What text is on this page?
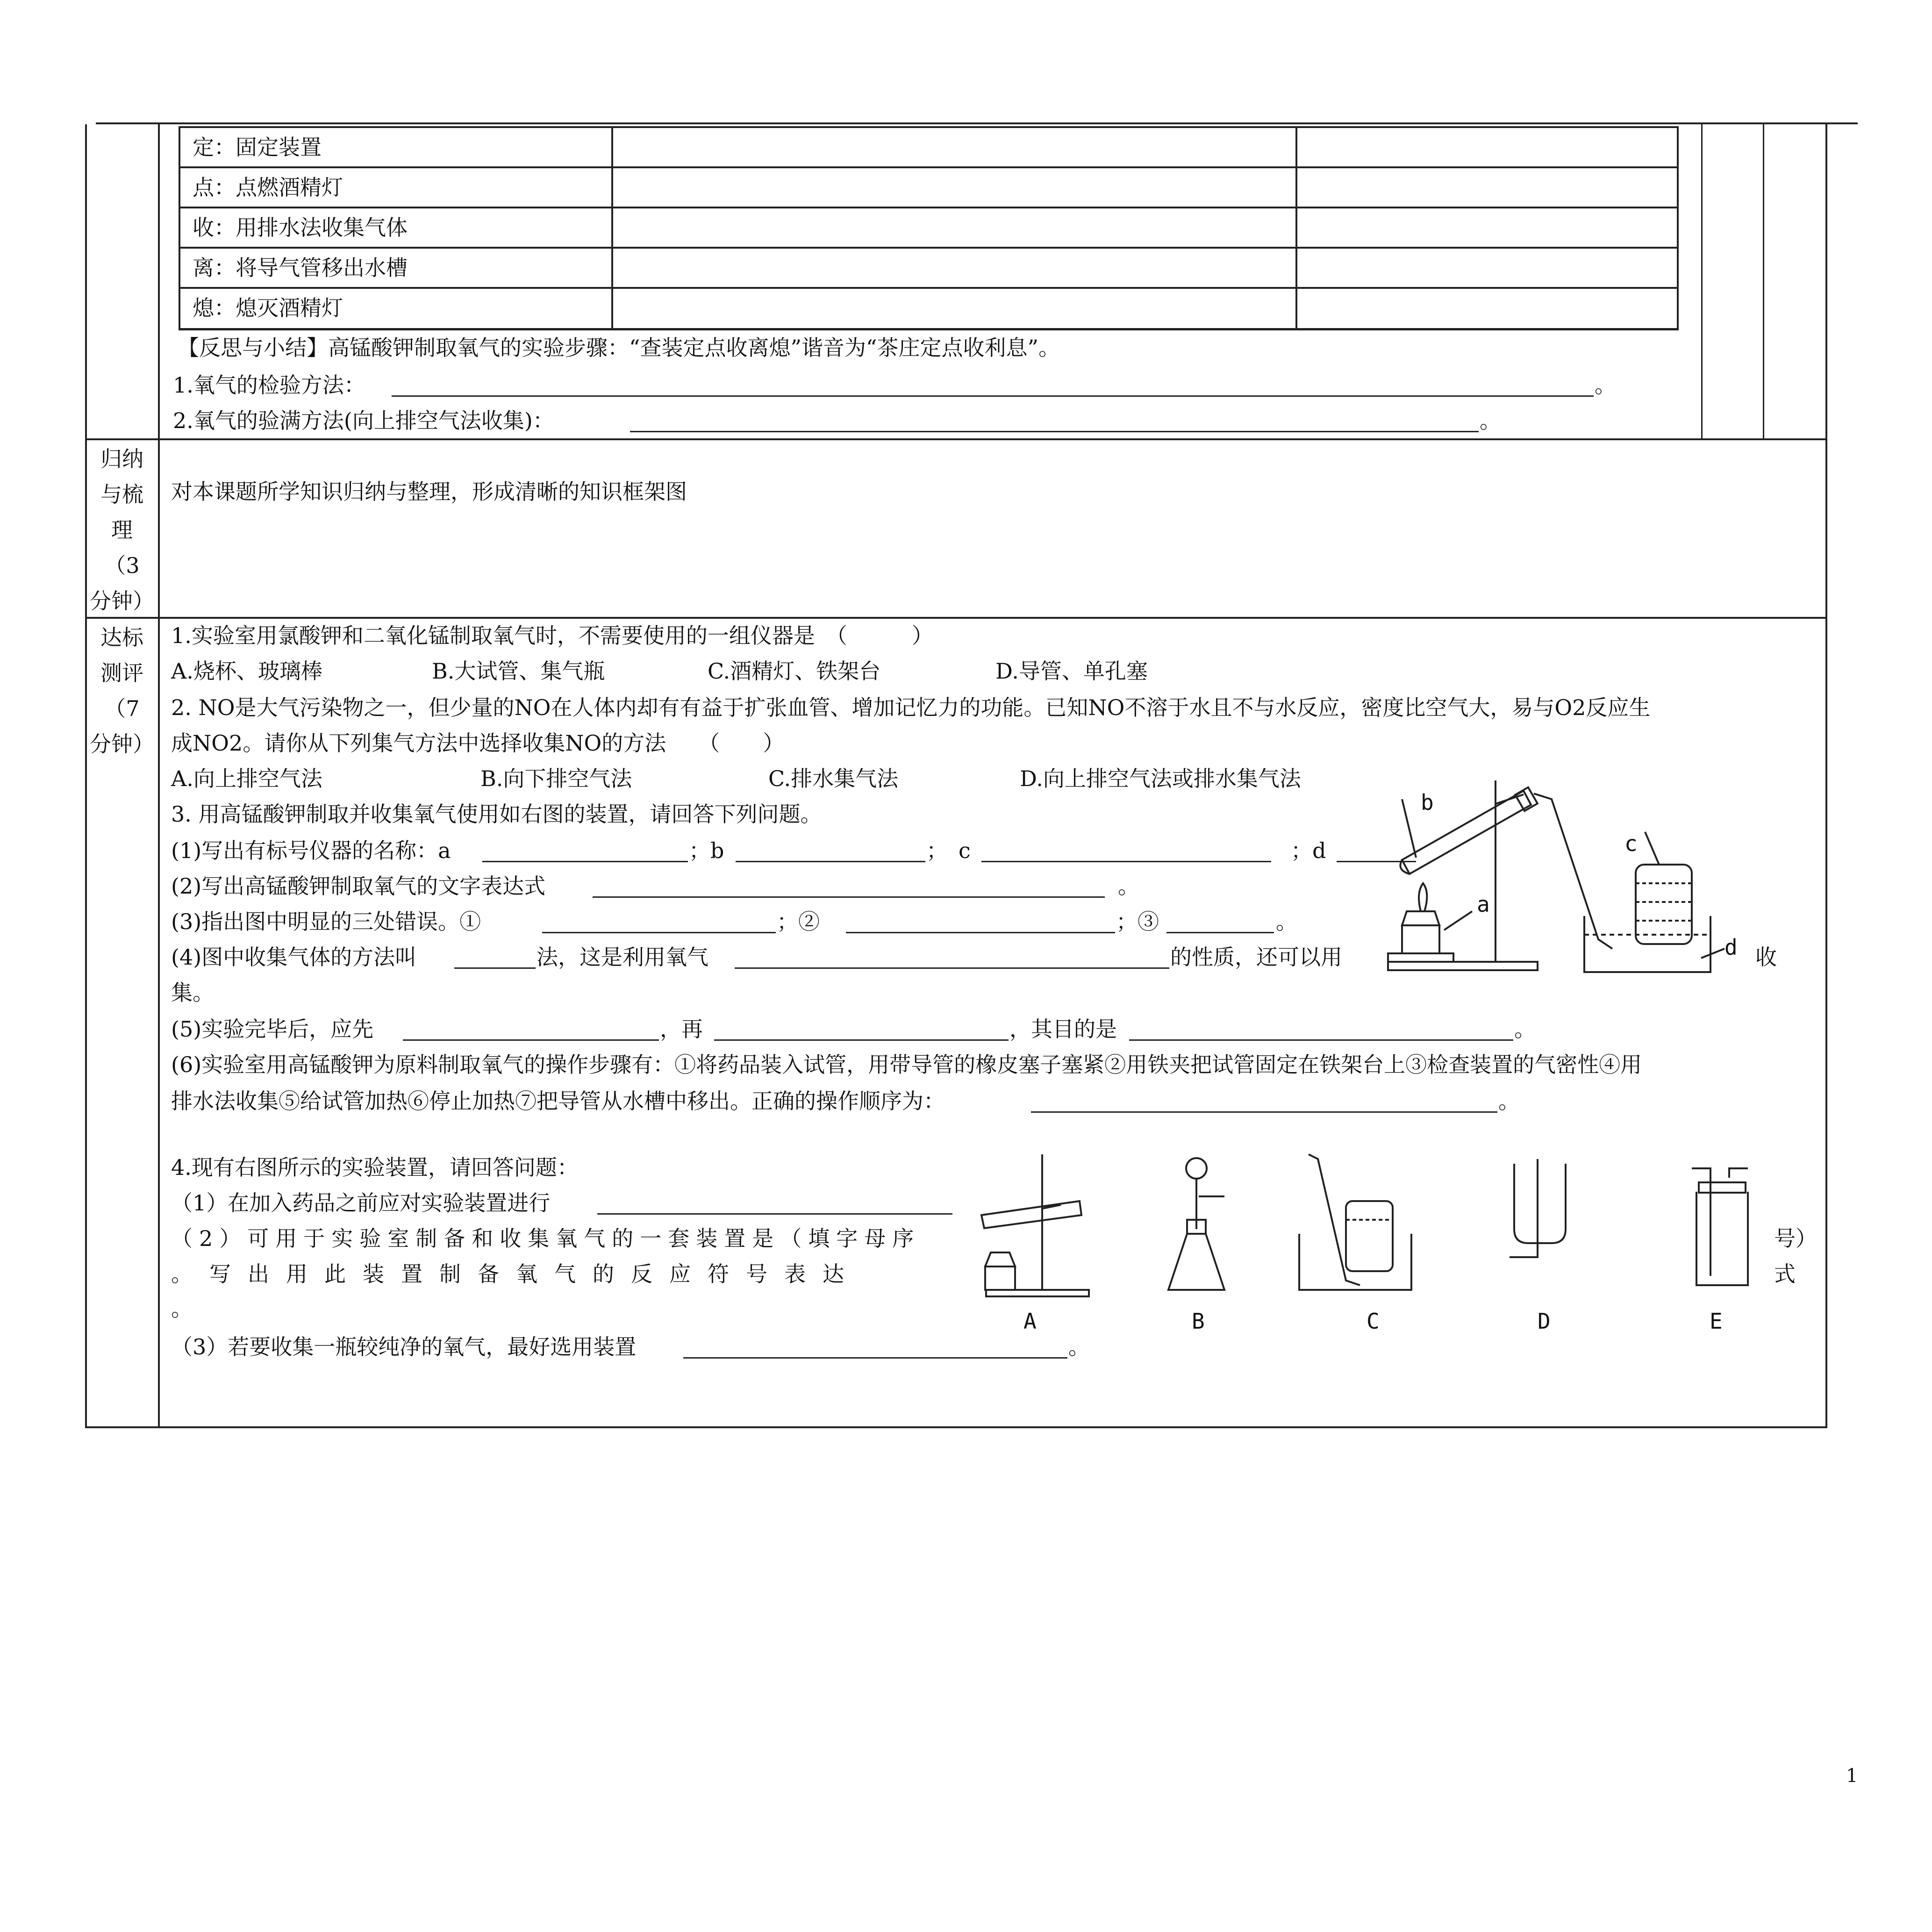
定：固定装置
点：点燃酒精灯
收：用排水法收集气体
离：将导气管移出水槽
熄：熄灭酒精灯
【反思与小结】高锰酸钾制取氧气的实验步骤：“查装定点收离熄”谐音为“茶庄定点收利息”。
1.氧气的检验方法：	。
2.氧气的验满方法(向上排空气法收集)：	。
归纳
与梳
理
（3
分钟）
对本课题所学知识归纳与整理，形成清晰的知识框架图
达标
测评
（7
分钟）
1.实验室用氯酸钾和二氧化锰制取氧气时，不需要使用的一组仪器是　（　　　）
A.烧杯、玻璃棒	B.大试管、集气瓶	C.酒精灯、铁架台	D.导管、单孔塞
2. NO是大气污染物之一，但少量的NO在人体内却有有益于扩张血管、增加记忆力的功能。已知NO不溶于水且不与水反应，密度比空气大，易与O2反应生
成NO2。请你从下列集气方法中选择收集NO的方法　　（　　）
A.向上排空气法	B.向下排空气法	C.排水集气法	D.向上排空气法或排水集气法
3. 用高锰酸钾制取并收集氧气使用如右图的装置，请回答下列问题。
(1)写出有标号仪器的名称：a	；b	；　c	；d
(2)写出高锰酸钾制取氧气的文字表达式	。
(3)指出图中明显的三处错误。①	；②	；③	。
(4)图中收集气体的方法叫	法，这是利用氧气	的性质，还可以用	收
集。
(5)实验完毕后，应先	，再	，其目的是	。
(6)实验室用高锰酸钾为原料制取氧气的操作步骤有：①将药品装入试管，用带导管的橡皮塞子塞紧②用铁夹把试管固定在铁架台上③检查装置的气密性④用
排水法收集⑤给试管加热⑥停止加热⑦把导管从水槽中移出。正确的操作顺序为：	。
4.现有右图所示的实验装置，请回答问题：
（1）在加入药品之前应对实验装置进行
（2）可用于实验室制备和收集氧气的一套装置是（填字母序	号）
。写出用此装置制备氧气的反应符号表达	式
。
（3）若要收集一瓶较纯净的氧气，最好选用装置	。
b
a
c
d
A	B	C	D	E
1
